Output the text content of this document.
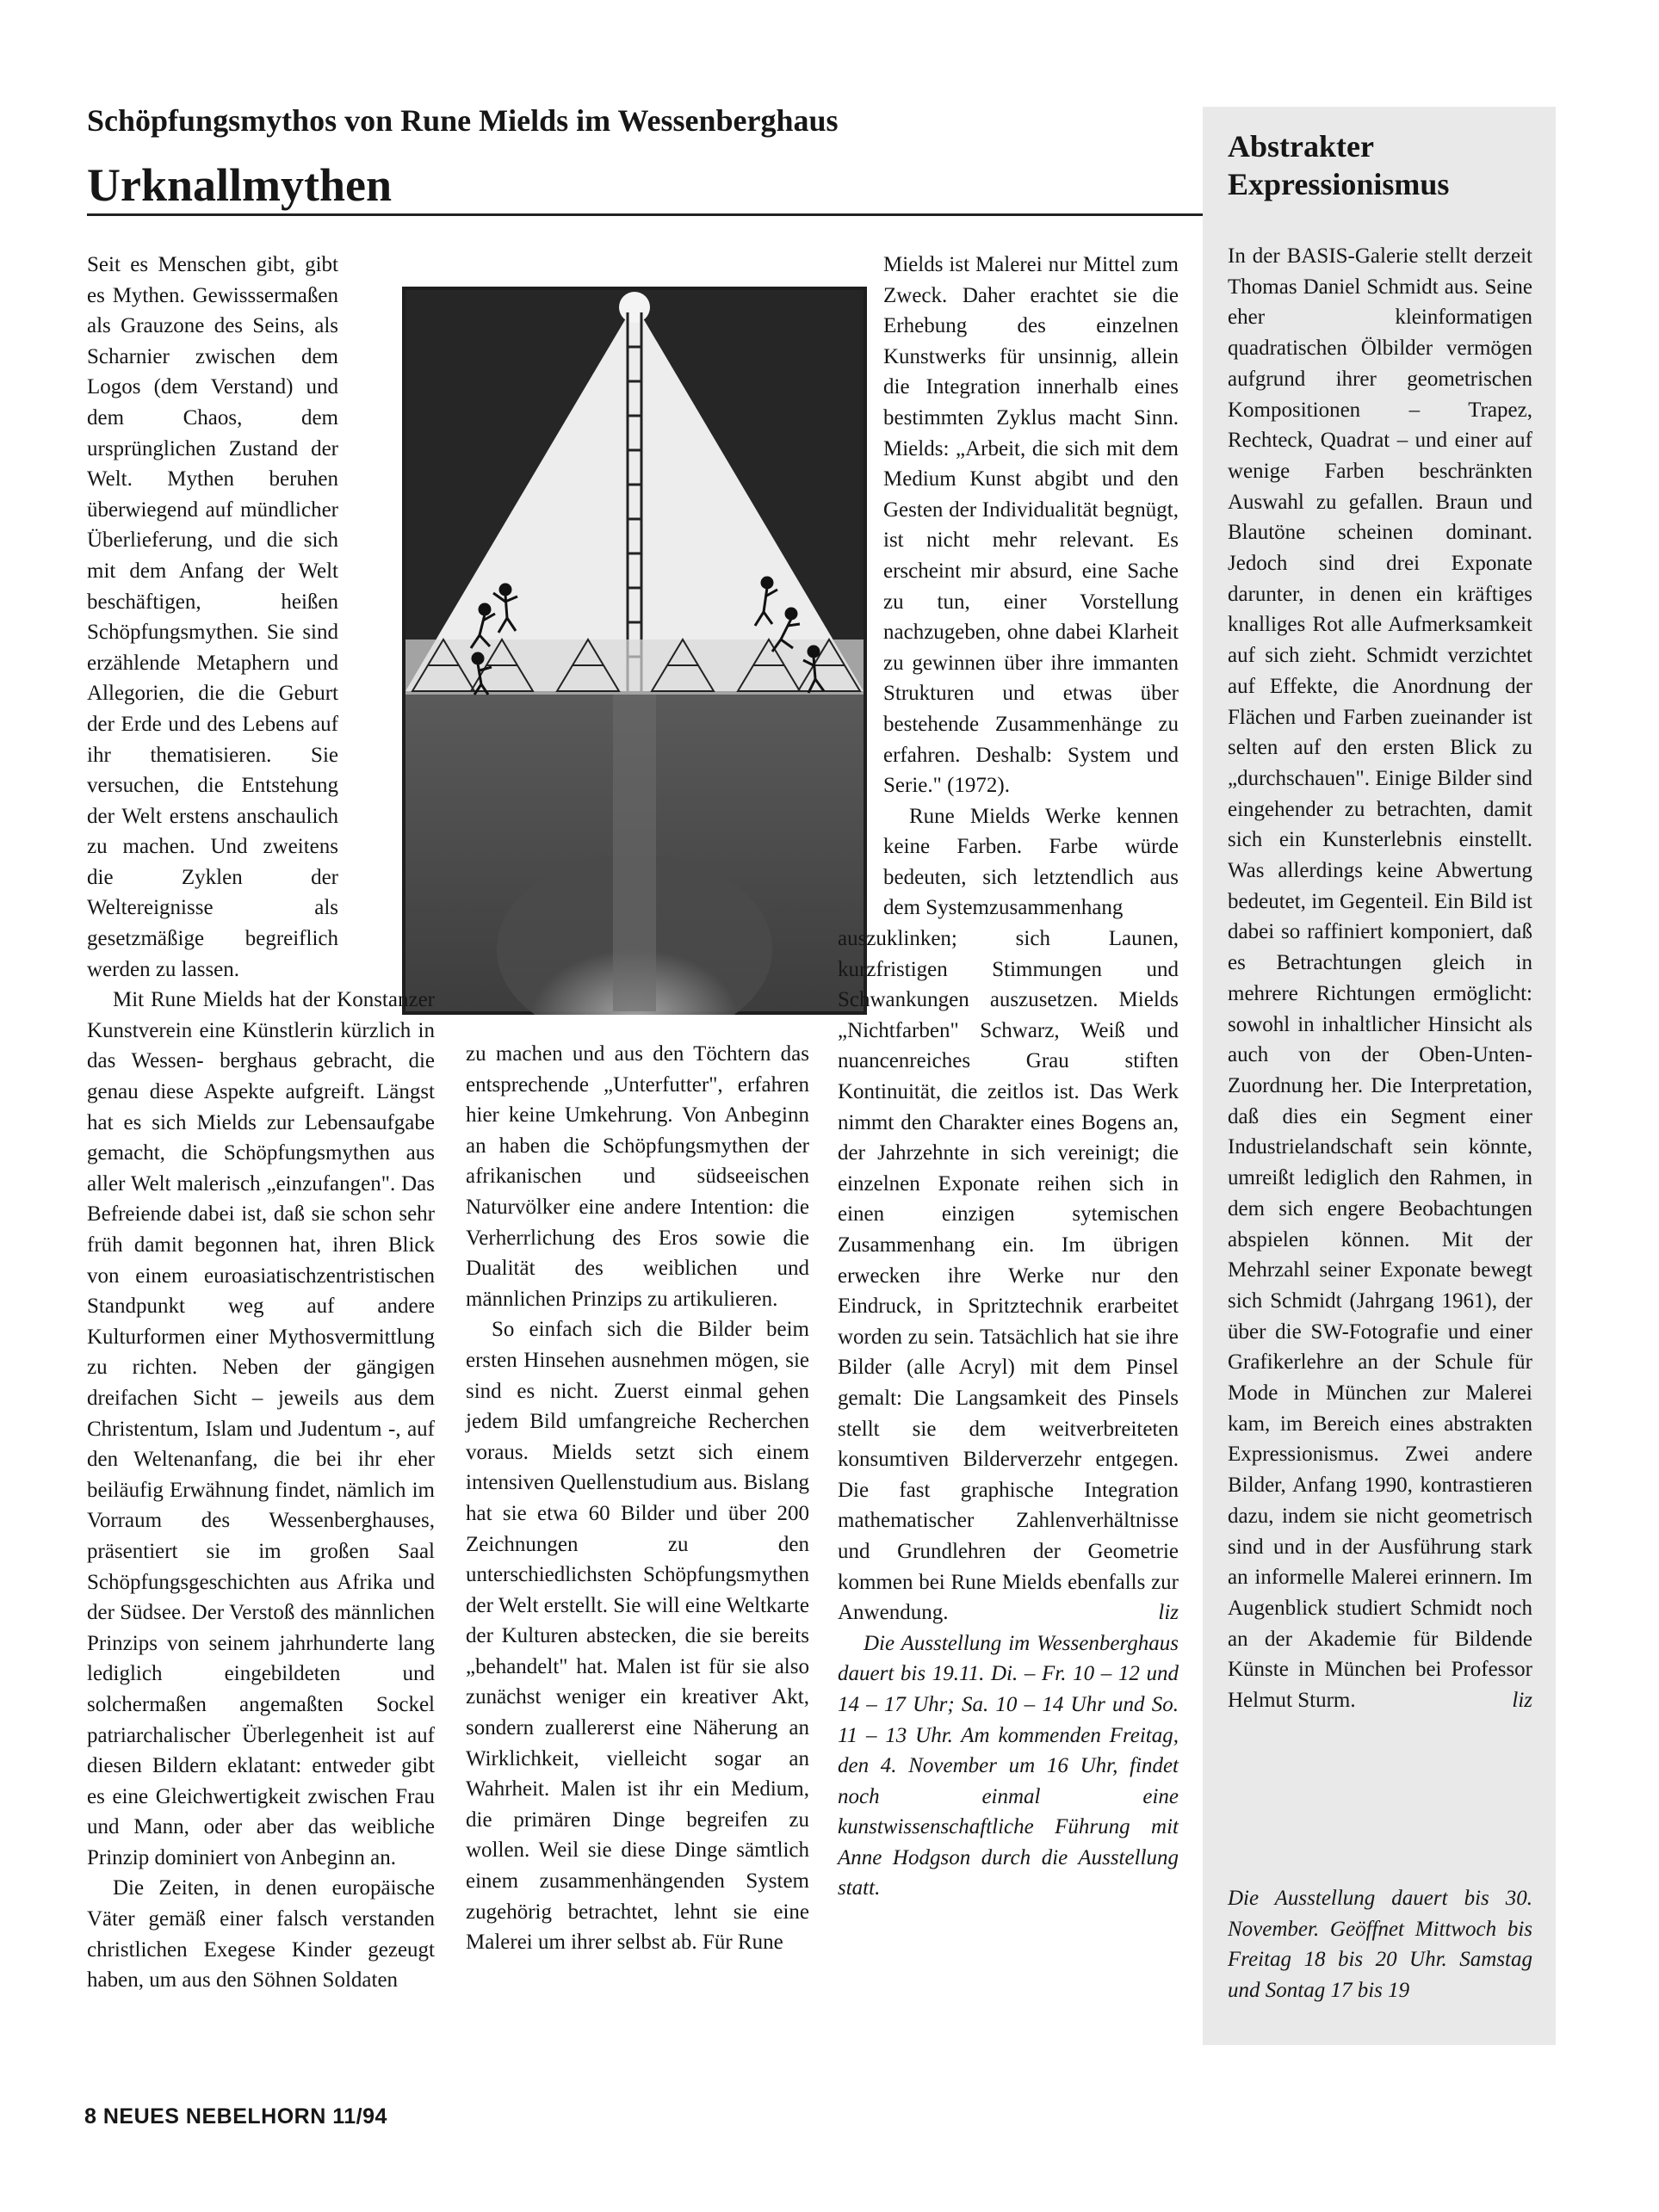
Schöpfungsmythos von Rune Mields im Wessenberghaus
Urknallmythen

Seit es Menschen gibt, gibt es Mythen. Gewisssermaßen als Grauzone des Seins, als Scharnier zwischen dem Logos (dem Verstand) und dem Chaos, dem ursprünglichen Zustand der Welt. Mythen beruhen überwiegend auf mündlicher Überlieferung, und die sich mit dem Anfang der Welt beschäftigen, heißen Schöpfungsmythen. Sie sind erzählende Metaphern und Allegorien, die die Geburt der Erde und des Lebens auf ihr thematisieren. Sie versuchen, die Entstehung der Welt erstens anschaulich zu machen. Und zweitens die Zyklen der Weltereignisse als gesetzmäßige begreiflich werden zu lassen.

Mit Rune Mields hat der Konstanzer Kunstverein eine Künstlerin kürzlich in das Wessen- berghaus gebracht, die genau diese Aspekte aufgreift. Längst hat es sich Mields zur Lebensaufgabe gemacht, die Schöpfungsmythen aus aller Welt malerisch „einzufangen". Das Befreiende dabei ist, daß sie schon sehr früh damit begonnen hat, ihren Blick von einem euroasiatischzentristischen Standpunkt weg auf andere Kulturformen einer Mythosvermittlung zu richten. Neben der gängigen dreifachen Sicht – jeweils aus dem Christentum, Islam und Judentum -, auf den Weltenanfang, die bei ihr eher beiläufig Erwähnung findet, nämlich im Vorraum des Wessenberghauses, präsentiert sie im großen Saal Schöpfungsgeschichten aus Afrika und der Südsee. Der Verstoß des männlichen Prinzips von seinem jahrhunderte lang lediglich eingebildeten und solchermaßen angemaßten Sockel patriarchalischer Überlegenheit ist auf diesen Bildern eklatant: entweder gibt es eine Gleichwertigkeit zwischen Frau und Mann, oder aber das weibliche Prinzip dominiert von Anbeginn an.

Die Zeiten, in denen europäische Väter gemäß einer falsch verstanden christlichen Exegese Kinder gezeugt haben, um aus den Söhnen Soldaten

zu machen und aus den Töchtern das entsprechende „Unterfutter", erfahren hier keine Umkehrung. Von Anbeginn an haben die Schöpfungsmythen der afrikanischen und südseeischen Naturvölker eine andere Intention: die Verherrlichung des Eros sowie die Dualität des weiblichen und männlichen Prinzips zu artikulieren.

So einfach sich die Bilder beim ersten Hinsehen ausnehmen mögen, sie sind es nicht. Zuerst einmal gehen jedem Bild umfangreiche Recherchen voraus. Mields setzt sich einem intensiven Quellenstudium aus. Bislang hat sie etwa 60 Bilder und über 200 Zeichnungen zu den unterschiedlichsten Schöpfungsmythen der Welt erstellt. Sie will eine Weltkarte der Kulturen abstecken, die sie bereits „behandelt" hat. Malen ist für sie also zunächst weniger ein kreativer Akt, sondern zuallererst eine Näherung an Wirklichkeit, vielleicht sogar an Wahrheit. Malen ist ihr ein Medium, die primären Dinge begreifen zu wollen. Weil sie diese Dinge sämtlich einem zusammenhängenden System zugehörig betrachtet, lehnt sie eine Malerei um ihrer selbst ab. Für Rune

Mields ist Malerei nur Mittel zum Zweck. Daher erachtet sie die Erhebung des einzelnen Kunstwerks für unsinnig, allein die Integration innerhalb eines bestimmten Zyklus macht Sinn. Mields: „Arbeit, die sich mit dem Medium Kunst abgibt und den Gesten der Individualität begnügt, ist nicht mehr relevant. Es erscheint mir absurd, eine Sache zu tun, einer Vorstellung nachzugeben, ohne dabei Klarheit zu gewinnen über ihre immanten Strukturen und etwas über bestehende Zusammenhänge zu erfahren. Deshalb: System und Serie." (1972).

Rune Mields Werke kennen keine Farben. Farbe würde bedeuten, sich letztendlich aus dem Systemzusammenhang

auszuklinken; sich Launen, kurzfristigen Stimmungen und Schwankungen auszusetzen. Mields „Nichtfarben" Schwarz, Weiß und nuancenreiches Grau stiften Kontinuität, die zeitlos ist. Das Werk nimmt den Charakter eines Bogens an, der Jahrzehnte in sich vereinigt; die einzelnen Exponate reihen sich in einen einzigen sytemischen Zusammenhang ein. Im übrigen erwecken ihre Werke nur den Eindruck, in Spritztechnik erarbeitet worden zu sein. Tatsächlich hat sie ihre Bilder (alle Acryl) mit dem Pinsel gemalt: Die Langsamkeit des Pinsels stellt sie dem weitverbreiteten konsumtiven Bilderverzehr entgegen. Die fast graphische Integration mathematischer Zahlenverhältnisse und Grundlehren der Geometrie kommen bei Rune Mields ebenfalls zur Anwendung.	liz

Die Ausstellung im Wessenberghaus dauert bis 19.11. Di. – Fr. 10 – 12 und 14 – 17 Uhr; Sa. 10 – 14 Uhr und So. 11 – 13 Uhr. Am kommenden Freitag, den 4. November um 16 Uhr, findet noch einmal eine kunstwissenschaftliche Führung mit Anne Hodgson durch die Ausstellung statt.

Abstrakter Expressionismus

In der BASIS-Galerie stellt derzeit Thomas Daniel Schmidt aus. Seine eher kleinformatigen quadratischen Ölbilder vermögen aufgrund ihrer geometrischen Kompositionen – Trapez, Rechteck, Quadrat – und einer auf wenige Farben beschränkten Auswahl zu gefallen. Braun und Blautöne scheinen dominant. Jedoch sind drei Exponate darunter, in denen ein kräftiges knalliges Rot alle Aufmerksamkeit auf sich zieht. Schmidt verzichtet auf Effekte, die Anordnung der Flächen und Farben zueinander ist selten auf den ersten Blick zu „durchschauen". Einige Bilder sind eingehender zu betrachten, damit sich ein Kunsterlebnis einstellt. Was allerdings keine Abwertung bedeutet, im Gegenteil. Ein Bild ist dabei so raffiniert komponiert, daß es Betrachtungen gleich in mehrere Richtungen ermöglicht: sowohl in inhaltlicher Hinsicht als auch von der Oben-Unten-Zuordnung her. Die Interpretation, daß dies ein Segment einer Industrielandschaft sein könnte, umreißt lediglich den Rahmen, in dem sich engere Beobachtungen abspielen können. Mit der Mehrzahl seiner Exponate bewegt sich Schmidt (Jahrgang 1961), der über die SW-Fotografie und einer Grafikerlehre an der Schule für Mode in München zur Malerei kam, im Bereich eines abstrakten Expressionismus. Zwei andere Bilder, Anfang 1990, kontrastieren dazu, indem sie nicht geometrisch sind und in der Ausführung stark an informelle Malerei erinnern. Im Augenblick studiert Schmidt noch an der Akademie für Bildende Künste in München bei Professor Helmut Sturm.	liz

Die Ausstellung dauert bis 30. November. Geöffnet Mittwoch bis Freitag 18 bis 20 Uhr. Samstag und Sontag 17 bis 19
8 NEUES NEBELHORN 11/94
